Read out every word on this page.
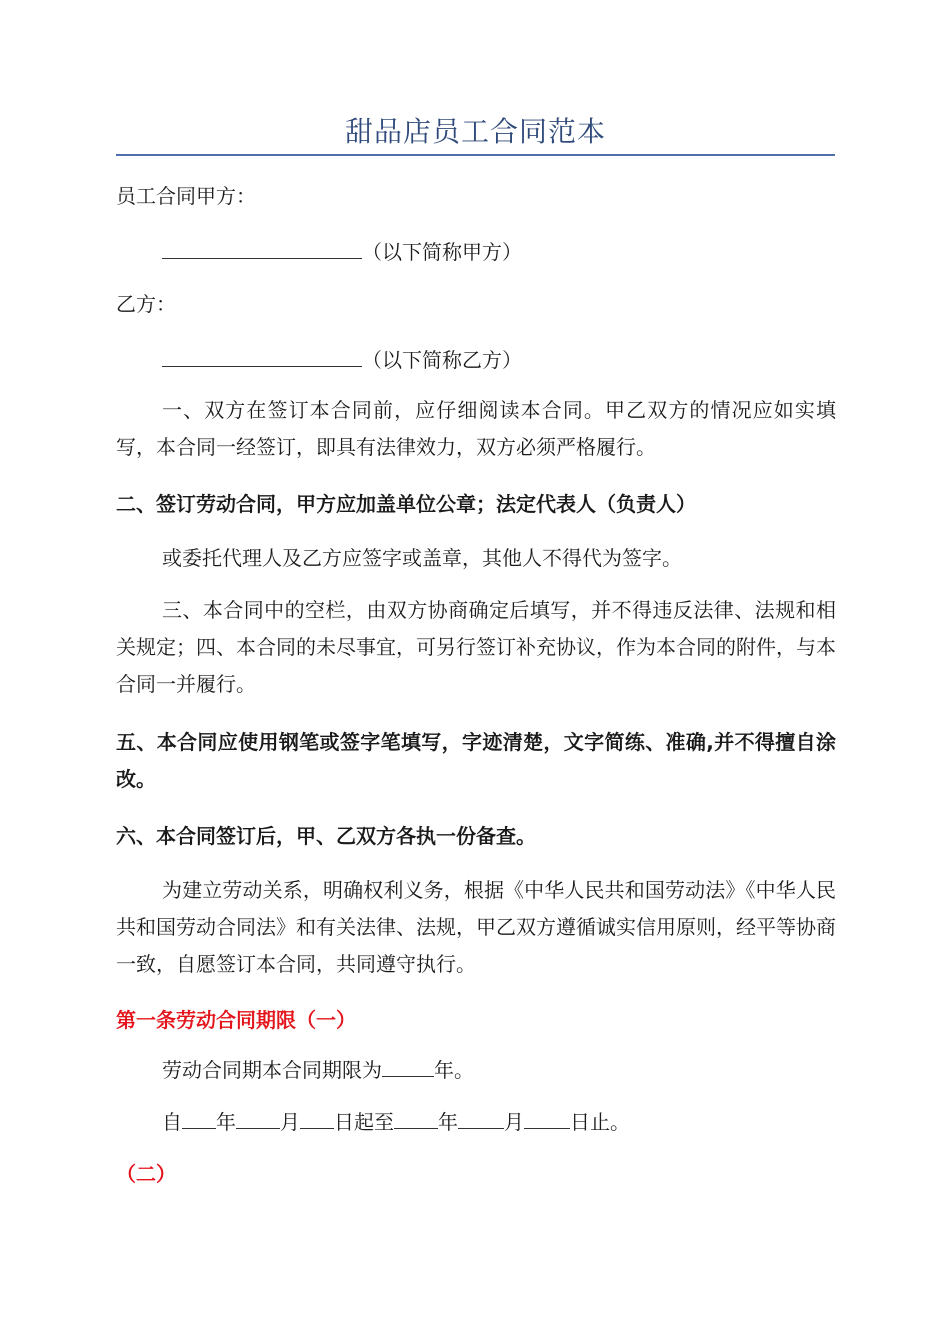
甜品店员工合同范本
员工合同甲方：
（以下简称甲方）
乙方：
（以下简称乙方）

一、双方在签订本合同前，应仔细阅读本合同。甲乙双方的情况应如实填写，本合同一经签订，即具有法律效力，双方必须严格履行。

二、签订劳动合同，甲方应加盖单位公章；法定代表人（负责人）
或委托代理人及乙方应签字或盖章，其他人不得代为签字。

三、本合同中的空栏，由双方协商确定后填写，并不得违反法律、法规和相关规定；四、本合同的未尽事宜，可另行签订补充协议，作为本合同的附件，与本合同一并履行。

五、本合同应使用钢笔或签字笔填写，字迹清楚，文字简练、准确,并不得擅自涂改。

六、本合同签订后，甲、乙双方各执一份备查。

为建立劳动关系，明确权利义务，根据《中华人民共和国劳动法》《中华人民共和国劳动合同法》和有关法律、法规，甲乙双方遵循诚实信用原则，经平等协商一致，自愿签订本合同，共同遵守执行。

第一条劳动合同期限（一）
劳动合同期本合同期限为	年。
自 年 月 日起至 年 月 日止。
（二）
